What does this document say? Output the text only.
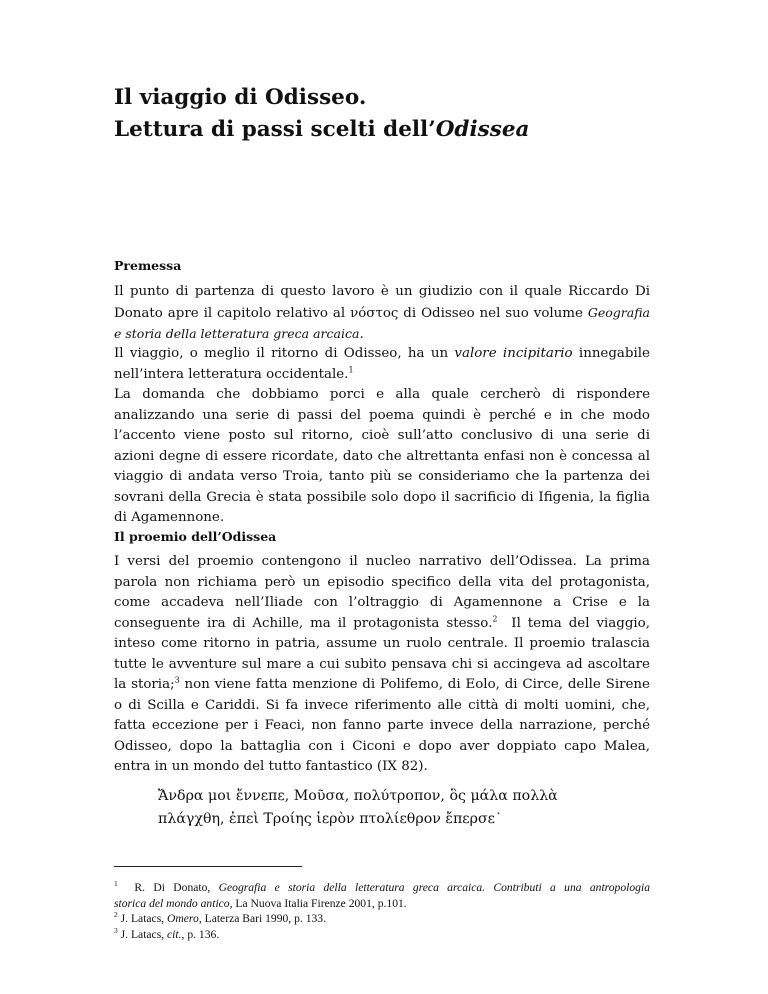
Il viaggio di Odisseo.
Lettura di passi scelti dell’Odissea
Premessa
Il punto di partenza di questo lavoro è un giudizio con il quale Riccardo Di
Donato apre il capitolo relativo al νόστος di Odisseo nel suo volume Geografia
e storia della letteratura greca arcaica.
Il viaggio, o meglio il ritorno di Odisseo, ha un valore incipitario innegabile
nell’intera letteratura occidentale.$^1$
La domanda che dobbiamo porci e alla quale cercherò di rispondere
analizzando una serie di passi del poema quindi è perché e in che modo
l’accento viene posto sul ritorno, cioè sull’atto conclusivo di una serie di
azioni degne di essere ricordate, dato che altrettanta enfasi non è concessa al
viaggio di andata verso Troia, tanto più se consideriamo che la partenza dei
sovrani della Grecia è stata possibile solo dopo il sacrificio di Ifigenia, la figlia
di Agamennone.
Il proemio dell’Odissea
I versi del proemio contengono il nucleo narrativo dell’Odissea. La prima
parola non richiama però un episodio specifico della vita del protagonista,
come accadeva nell’Iliade con l’oltraggio di Agamennone a Crise e la
conseguente ira di Achille, ma il protagonista stesso.$^2$ Il tema del viaggio,
inteso come ritorno in patria, assume un ruolo centrale. Il proemio tralascia
tutte le avventure sul mare a cui subito pensava chi si accingeva ad ascoltare
la storia;$^3$ non viene fatta menzione di Polifemo, di Eolo, di Circe, delle Sirene
o di Scilla e Cariddi. Si fa invece riferimento alle città di molti uomini, che,
fatta eccezione per i Feaci, non fanno parte invece della narrazione, perché
Odisseo, dopo la battaglia con i Ciconi e dopo aver doppiato capo Malea,
entra in un mondo del tutto fantastico (IX 82).
Ἄνδρα μοι ἔννεπε, Μοῦσα, πολύτροπον, ὃς μάλα πολλὰ
πλάγχθη, ἐπεὶ Τροίης ἱερὸν πτολίεθρον ἔπερσε˙
$^1$ R. Di Donato, Geografia e storia della letteratura greca arcaica. Contributi a una antropologia
storica del mondo antico, La Nuova Italia Firenze 2001, p.101.
$^2$ J. Latacs, Omero, Laterza Bari 1990, p. 133.
$^3$ J. Latacs, cit., p. 136.
